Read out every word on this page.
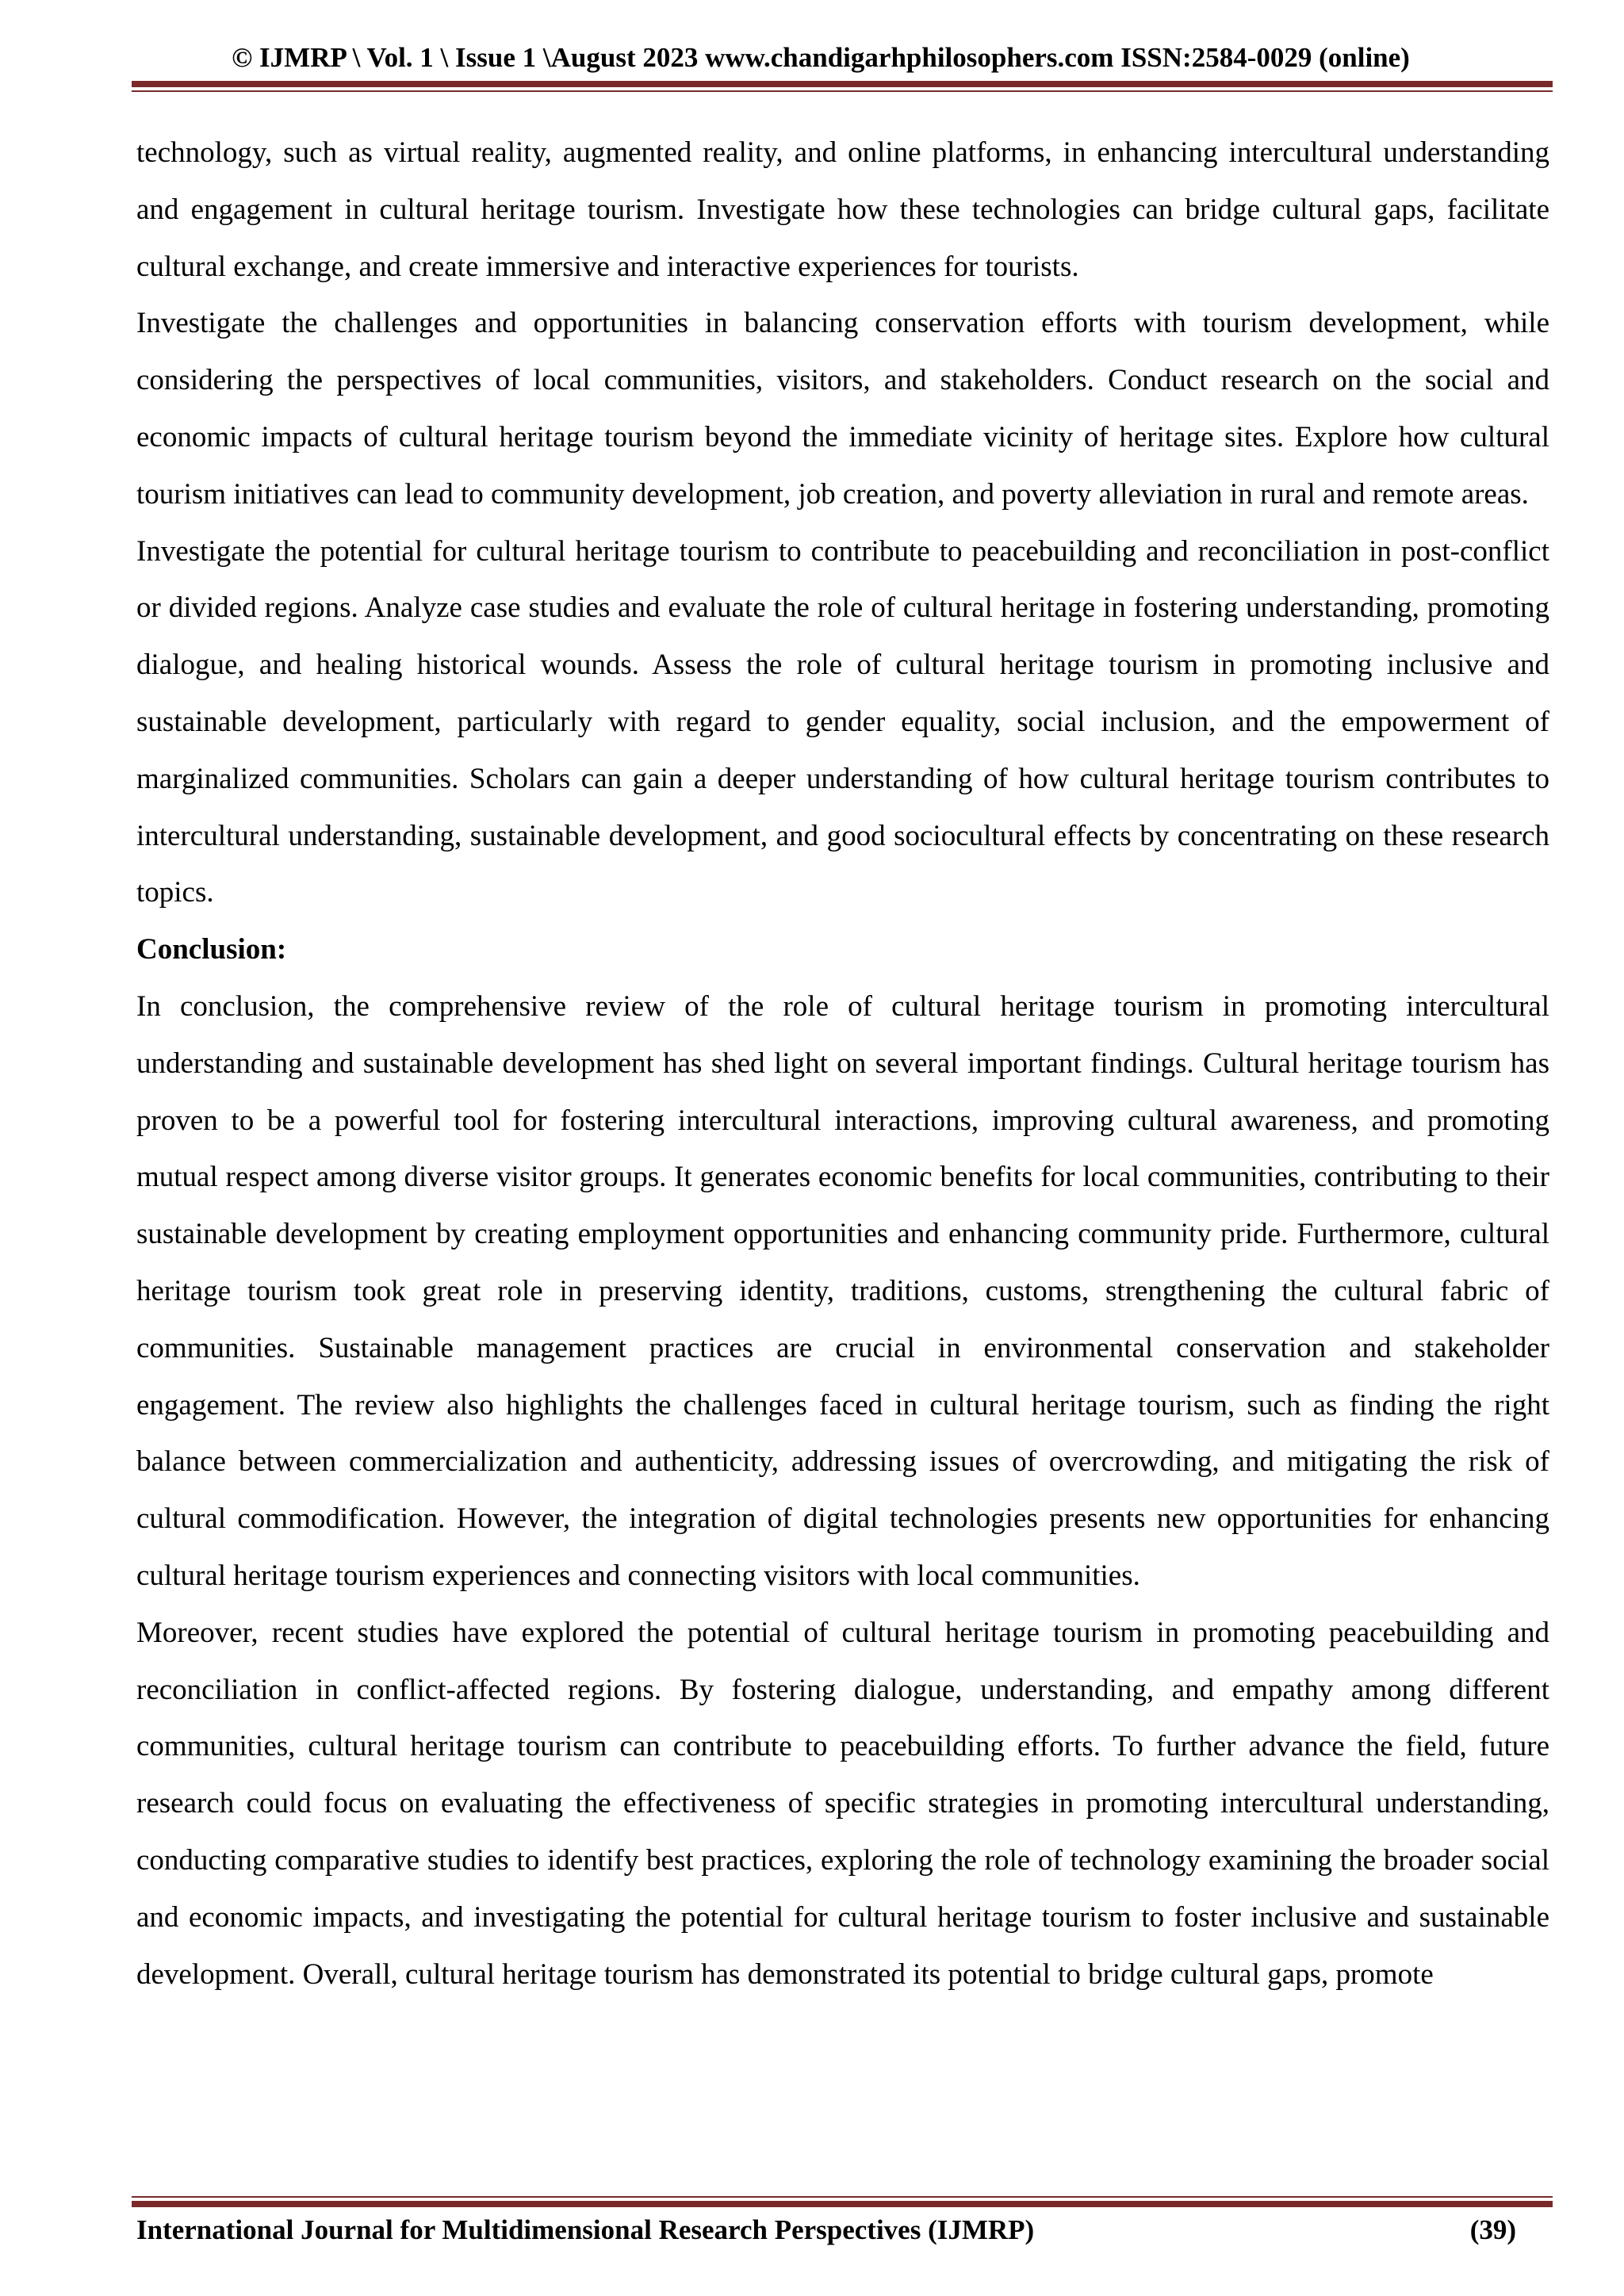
© IJMRP \ Vol. 1 \ Issue 1 \August 2023 www.chandigarhphilosophers.com ISSN:2584-0029 (online)

technology, such as virtual reality, augmented reality, and online platforms, in enhancing intercultural understanding and engagement in cultural heritage tourism. Investigate how these technologies can bridge cultural gaps, facilitate cultural exchange, and create immersive and interactive experiences for tourists.

Investigate the challenges and opportunities in balancing conservation efforts with tourism development, while considering the perspectives of local communities, visitors, and stakeholders. Conduct research on the social and economic impacts of cultural heritage tourism beyond the immediate vicinity of heritage sites. Explore how cultural tourism initiatives can lead to community development, job creation, and poverty alleviation in rural and remote areas.

Investigate the potential for cultural heritage tourism to contribute to peacebuilding and reconciliation in post-conflict or divided regions. Analyze case studies and evaluate the role of cultural heritage in fostering understanding, promoting dialogue, and healing historical wounds. Assess the role of cultural heritage tourism in promoting inclusive and sustainable development, particularly with regard to gender equality, social inclusion, and the empowerment of marginalized communities. Scholars can gain a deeper understanding of how cultural heritage tourism contributes to intercultural understanding, sustainable development, and good sociocultural effects by concentrating on these research topics.

Conclusion:

In conclusion, the comprehensive review of the role of cultural heritage tourism in promoting intercultural understanding and sustainable development has shed light on several important findings. Cultural heritage tourism has proven to be a powerful tool for fostering intercultural interactions, improving cultural awareness, and promoting mutual respect among diverse visitor groups. It generates economic benefits for local communities, contributing to their sustainable development by creating employment opportunities and enhancing community pride. Furthermore, cultural heritage tourism took great role in preserving identity, traditions, customs, strengthening the cultural fabric of communities. Sustainable management practices are crucial in environmental conservation and stakeholder engagement. The review also highlights the challenges faced in cultural heritage tourism, such as finding the right balance between commercialization and authenticity, addressing issues of overcrowding, and mitigating the risk of cultural commodification. However, the integration of digital technologies presents new opportunities for enhancing cultural heritage tourism experiences and connecting visitors with local communities.

Moreover, recent studies have explored the potential of cultural heritage tourism in promoting peacebuilding and reconciliation in conflict-affected regions. By fostering dialogue, understanding, and empathy among different communities, cultural heritage tourism can contribute to peacebuilding efforts. To further advance the field, future research could focus on evaluating the effectiveness of specific strategies in promoting intercultural understanding, conducting comparative studies to identify best practices, exploring the role of technology examining the broader social and economic impacts, and investigating the potential for cultural heritage tourism to foster inclusive and sustainable development. Overall, cultural heritage tourism has demonstrated its potential to bridge cultural gaps, promote

International Journal for Multidimensional Research Perspectives (IJMRP)	(39)
